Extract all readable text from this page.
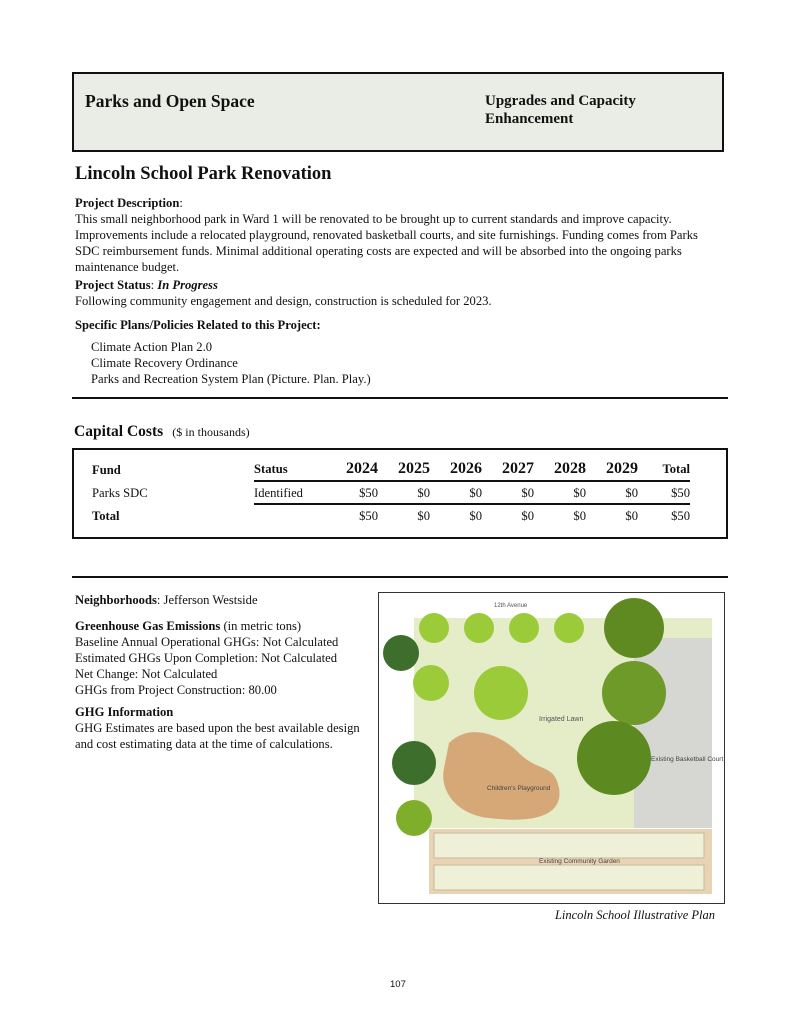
Parks and Open Space	Upgrades and Capacity Enhancement
Lincoln School Park Renovation
Project Description:
This small neighborhood park in Ward 1 will be renovated to be brought up to current standards and improve capacity. Improvements include a relocated playground, renovated basketball courts, and site furnishings. Funding comes from Parks SDC reimbursement funds. Minimal additional operating costs are expected and will be absorbed into the ongoing parks maintenance budget.
Project Status: In Progress
Following community engagement and design, construction is scheduled for 2023.
Specific Plans/Policies Related to this Project:
Climate Action Plan 2.0
Climate Recovery Ordinance
Parks and Recreation System Plan (Picture. Plan. Play.)
Capital Costs ($ in thousands)
Fund	Status	2024	2025	2026	2027	2028	2029	Total
Parks SDC	Identified	$50	$0	$0	$0	$0	$0	$50
Total		$50	$0	$0	$0	$0	$0	$50
Neighborhoods: Jefferson Westside
Greenhouse Gas Emissions (in metric tons)
Baseline Annual Operational GHGs: Not Calculated
Estimated GHGs Upon Completion: Not Calculated
Net Change: Not Calculated
GHGs from Project Construction: 80.00
GHG Information
GHG Estimates are based upon the best available design and cost estimating data at the time of calculations.
12th Avenue
Irrigated Lawn
Children's Playground
Existing Basketball Court
Existing Community Garden
Lincoln School Illustrative Plan
107
